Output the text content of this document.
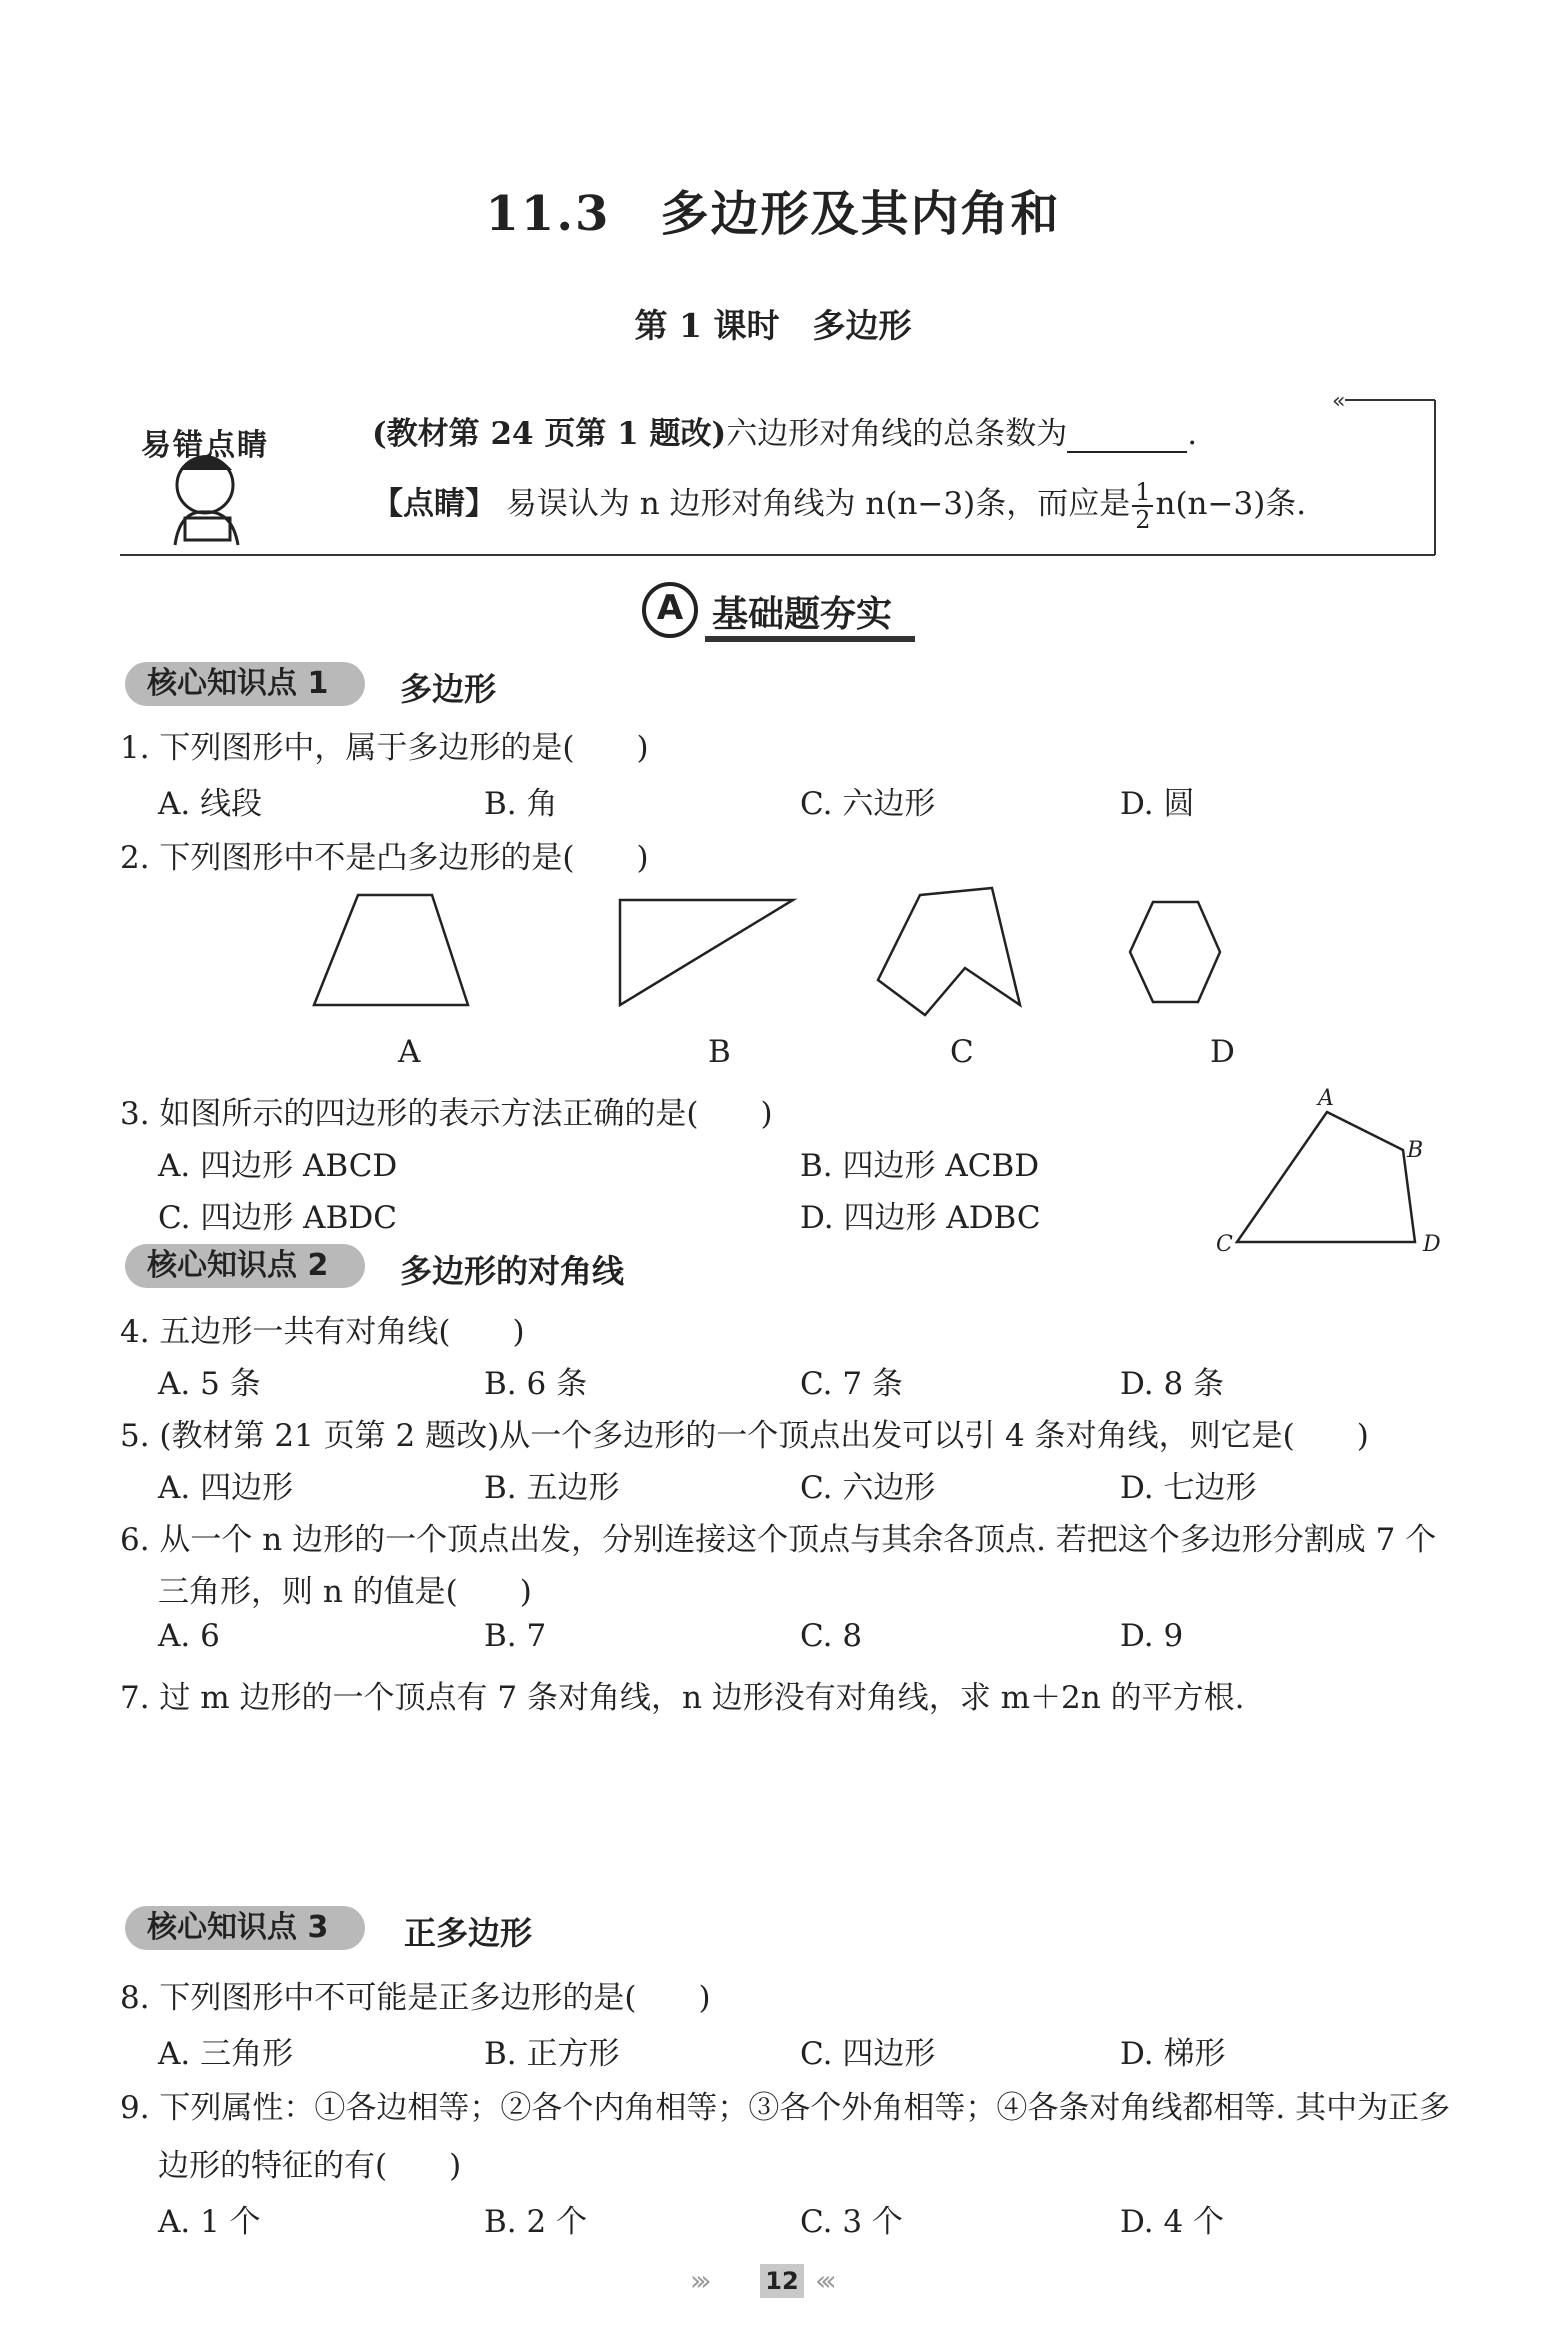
11.3　多边形及其内角和
第 1 课时　多边形
«
易错点睛	(教材第 24 页第 1 题改)六边形对角线的总条数为	.
【点睛】 易误认为 n 边形对角线为 n(n−3)条，而应是 $\frac{1}{2} n(n-3)$条.
A 基础题夯实
核心知识点 1	多边形
1. 下列图形中，属于多边形的是(　　)
A. 线段	B. 角	C. 六边形	D. 圆
2. 下列图形中不是凸多边形的是(　　)
A	B	C	D
3. 如图所示的四边形的表示方法正确的是(　　)
A. 四边形 ABCD	B. 四边形 ACBD
C. 四边形 ABDC	D. 四边形 ADBC
A
B
C	D
核心知识点 2	多边形的对角线
4. 五边形一共有对角线(　　)
A. 5 条	B. 6 条	C. 7 条	D. 8 条
5. (教材第 21 页第 2 题改)从一个多边形的一个顶点出发可以引 4 条对角线，则它是(　　)
A. 四边形	B. 五边形	C. 六边形	D. 七边形
6. 从一个 n 边形的一个顶点出发，分别连接这个顶点与其余各顶点. 若把这个多边形分割成 7 个
三角形，则 n 的值是(　　)
A. 6	B. 7	C. 8	D. 9
7. 过 m 边形的一个顶点有 7 条对角线，n 边形没有对角线，求 m＋2n 的平方根.
核心知识点 3	正多边形
8. 下列图形中不可能是正多边形的是(　　)
A. 三角形	B. 正方形	C. 四边形	D. 梯形
9. 下列属性：①各边相等；②各个内角相等；③各个外角相等；④各条对角线都相等. 其中为正多
边形的特征的有(　　)
A. 1 个	B. 2 个	C. 3 个	D. 4 个
››› 12 ‹‹‹
